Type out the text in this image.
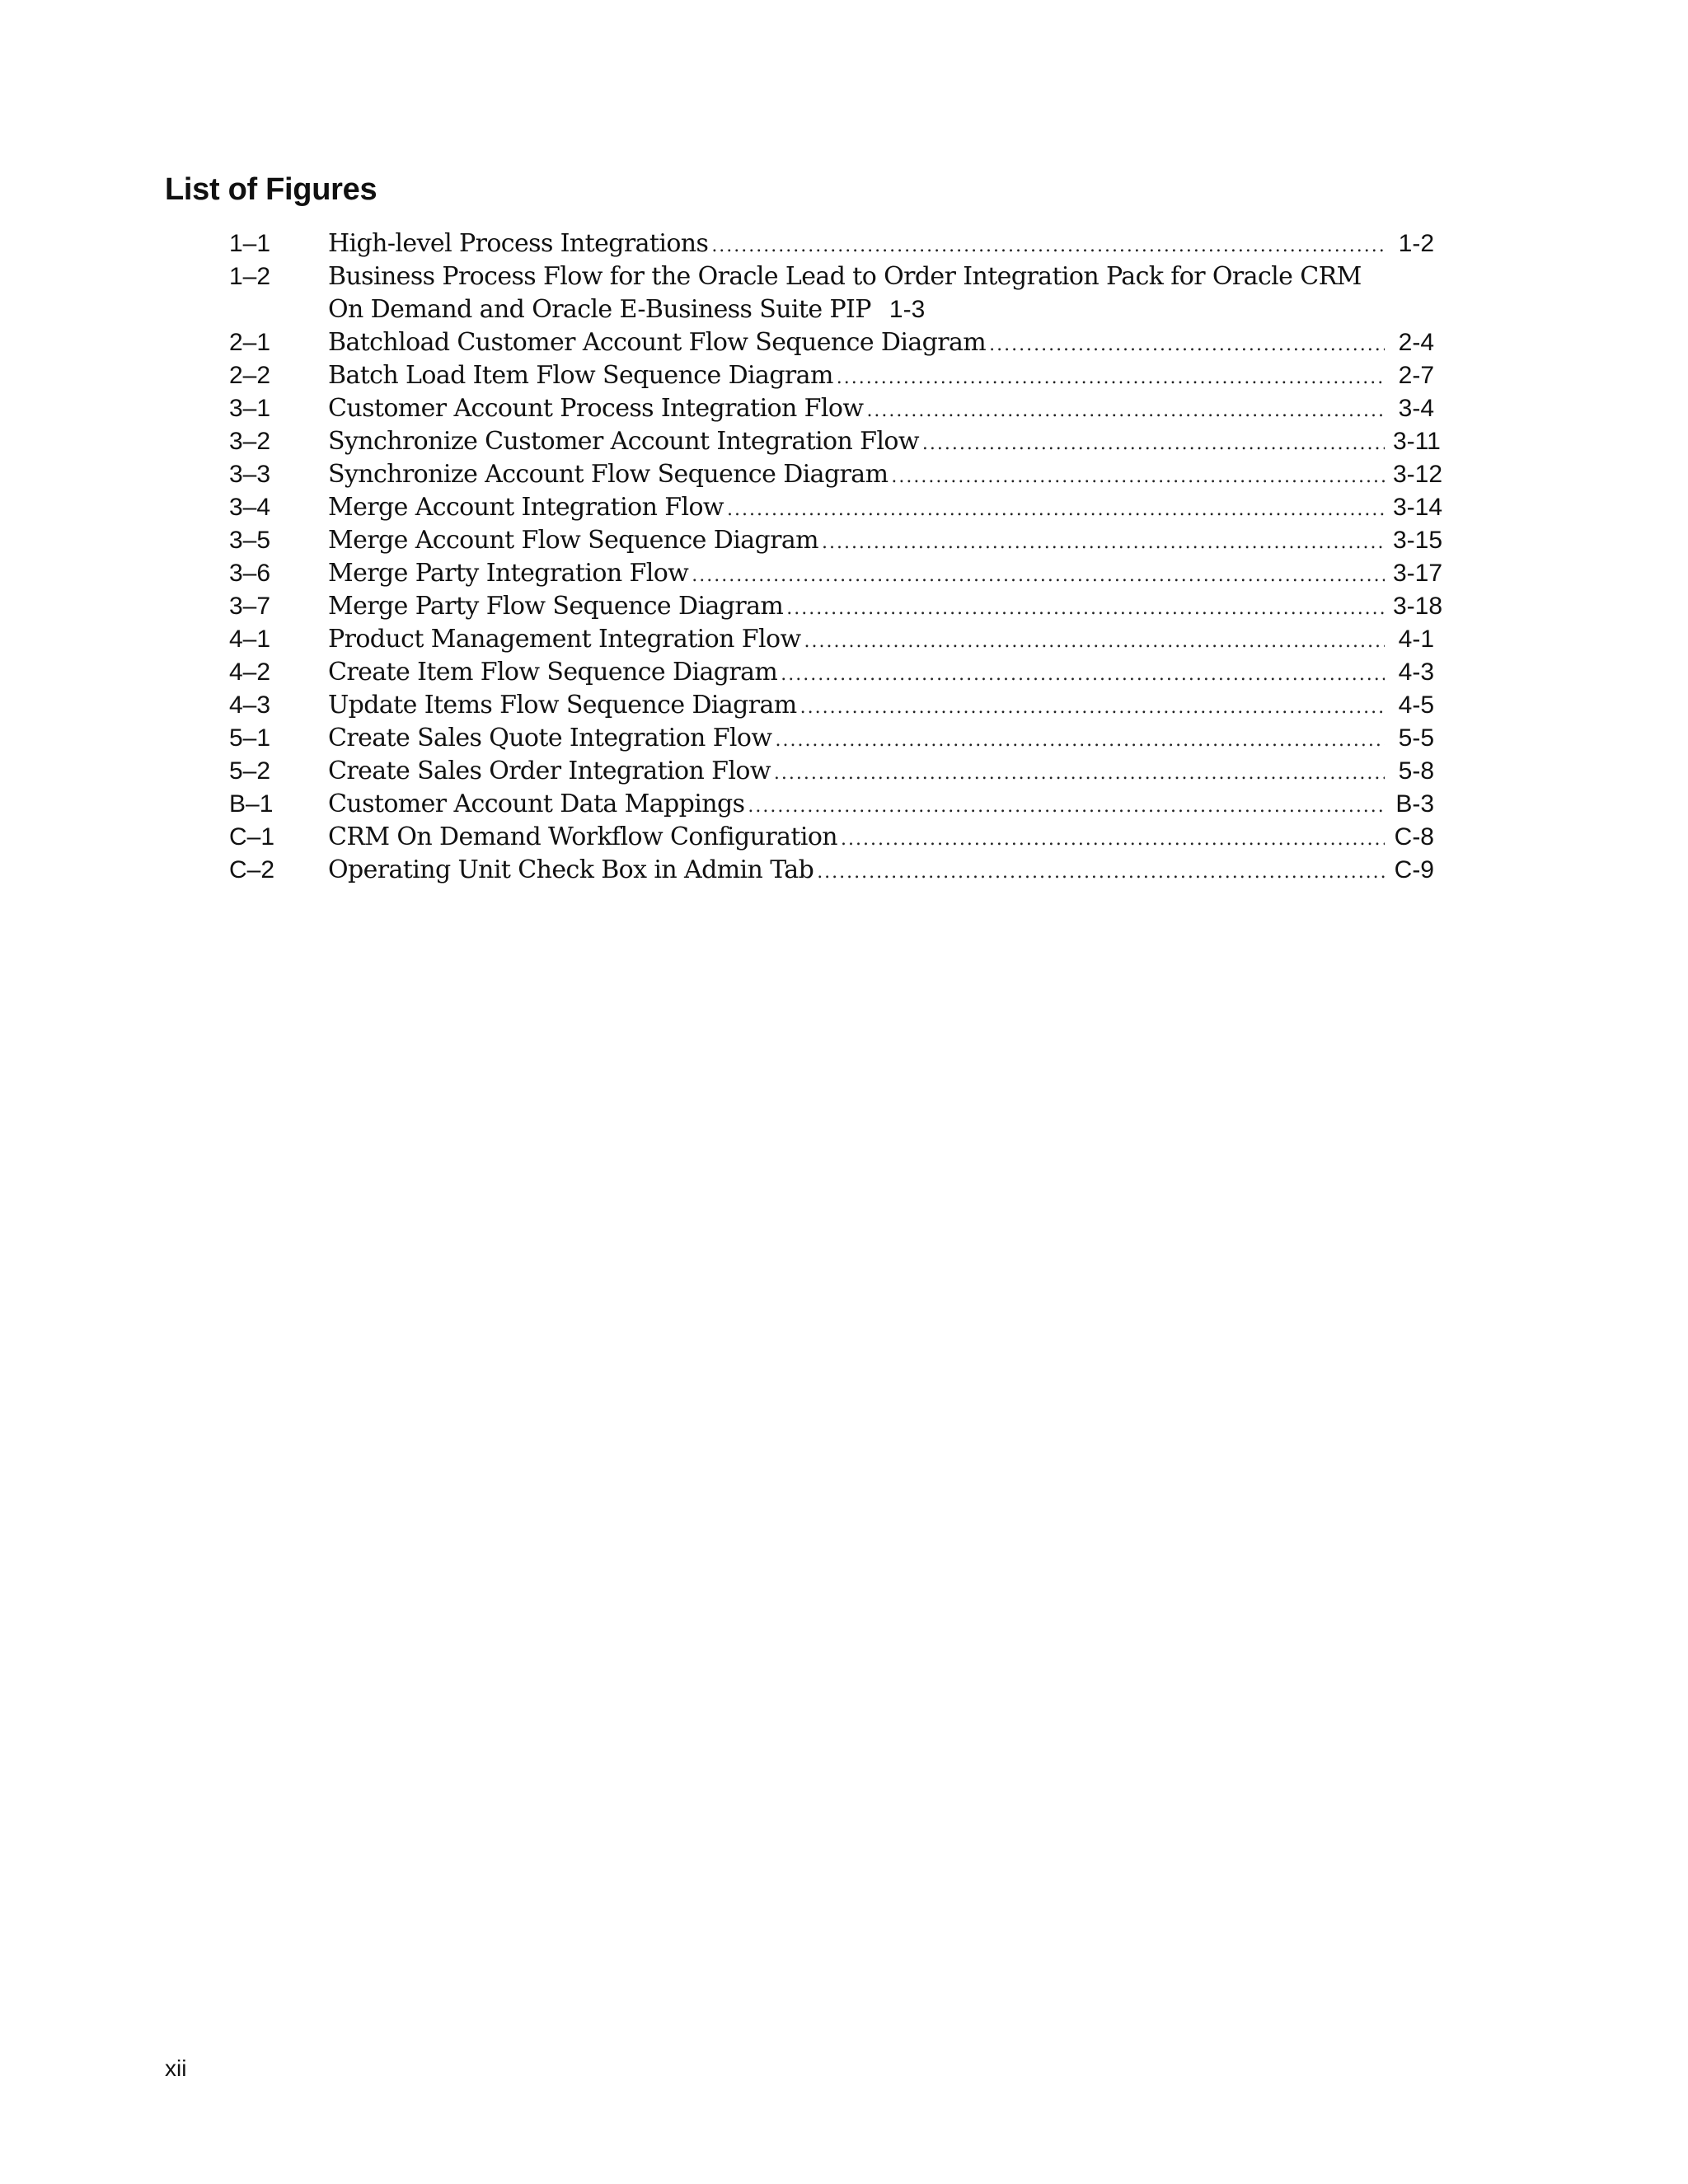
List of Figures
1–1 High-level Process Integrations .....	1-2
1–2 Business Process Flow for the Oracle Lead to Order Integration Pack for Oracle CRM On Demand and Oracle E-Business Suite PIP 1-3
2–1 Batchload Customer Account Flow Sequence Diagram .....	2-4
2–2 Batch Load Item Flow Sequence Diagram .....	2-7
3–1 Customer Account Process Integration Flow .....	3-4
3–2 Synchronize Customer Account Integration Flow .....	3-11
3–3 Synchronize Account Flow Sequence Diagram .....	3-12
3–4 Merge Account Integration Flow .....	3-14
3–5 Merge Account Flow Sequence Diagram .....	3-15
3–6 Merge Party Integration Flow .....	3-17
3–7 Merge Party Flow Sequence Diagram .....	3-18
4–1 Product Management Integration Flow .....	4-1
4–2 Create Item Flow Sequence Diagram .....	4-3
4–3 Update Items Flow Sequence Diagram .....	4-5
5–1 Create Sales Quote Integration Flow .....	5-5
5–2 Create Sales Order Integration Flow .....	5-8
B–1 Customer Account Data Mappings .....	B-3
C–1 CRM On Demand Workflow Configuration .....	C-8
C–2 Operating Unit Check Box in Admin Tab .....	C-9
xii
